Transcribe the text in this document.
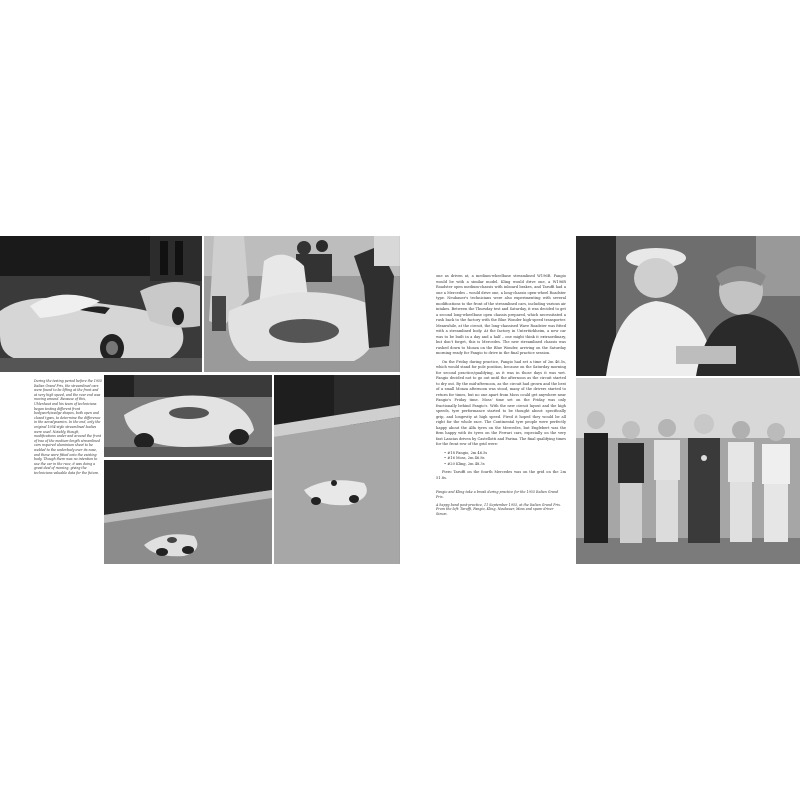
During the testing period before the 1955 Italian Grand Prix, the streamlined cars were found to be lifting at the front and at very high speed, and the rear end was moving around. Because of this, Uhlenhaut and his team of technicians began testing different front bodywork/wedge shapes, both open and closed types, to determine the difference in the aerodynamics. In the end, only the original 1954-style streamlined bodies were used. Notably, though, modifications under and around the front of two of the medium-length streamlined cars required aluminium sheet to be welded to the underbody over its nose, and these were fitted onto the existing body. Though there was no intention to use the car in the race, it was doing a great deal of running, giving the technicians valuable data for the future.

one as driven at, a medium-wheelbase streamlined W196R. Fangio would be with a similar model. Kling would drive one, a W196R Roadster open medium-chassis with inboard brakes, and Taruffi had a one a Mercedes – would drive one, a long-chassis open-wheel Roadster type. Neubauer's technicians were also experimenting with several modifications to the front of the streamlined cars, including various air intakes. Between the Thursday test and Saturday, it was decided to get a second long-wheelbase open chassis prepared, which necessitated a rush back to the factory with the Blue Wonder high-speed transporter. Meanwhile, at the circuit, the long-chassised Wave Roadster was fitted with a streamlined body. At the factory in Untertürkheim, a new car was to be built in a day and a half – one might think it extraordinary, but don't forget, this is Mercedes. The new streamlined chassis was rushed down to Monza on the Blue Wonder, arriving on the Saturday morning ready for Fangio to drive in the final practice session.

On the Friday during practice, Fangio had set a time of 2m 46.5s, which would stand for pole position, because on the Saturday morning for second practice/qualifying, as it was in those days it was wet. Fangio decided not to go out until the afternoon as the circuit started to dry out. By the mid-afternoon, as the circuit had grown and the best of a small Monza afternoon was stood, many of the drivers started to return for times, but no one apart from Moss could get anywhere near Fangio's Friday time. Moss' time set on the Friday was only fractionally behind Fangio's. With the new circuit layout and the high speeds, tyre performance started to be thought about: specifically grip, and longevity at high speed. Fired it hoped they would be all right for the whole race. The Continental tyre people were perfectly happy about the Alfa tyres on the Mercedes, but Englebert was the firm happy with its tyres on the Ferrari cars, especially on the very fast Lancias driven by Castellotti and Farina. The final qualifying times for the front row of the grid were:

• #18 Fangio, 2m 46.5s
• #16 Moss, 2m 46.8s
• #20 Kling, 2m 48.3s

Piero Taruffi on the fourth Mercedes was on the grid on the 2m 51.8s.

Fangio and Kling take a break during practice for the 1955 Italian Grand Prix.

A happy band post-practice, 11 September 1955, at the Italian Grand Prix. From the left: Taruffi, Fangio, Kling, Neubauer, Moss and spare driver Simon.
